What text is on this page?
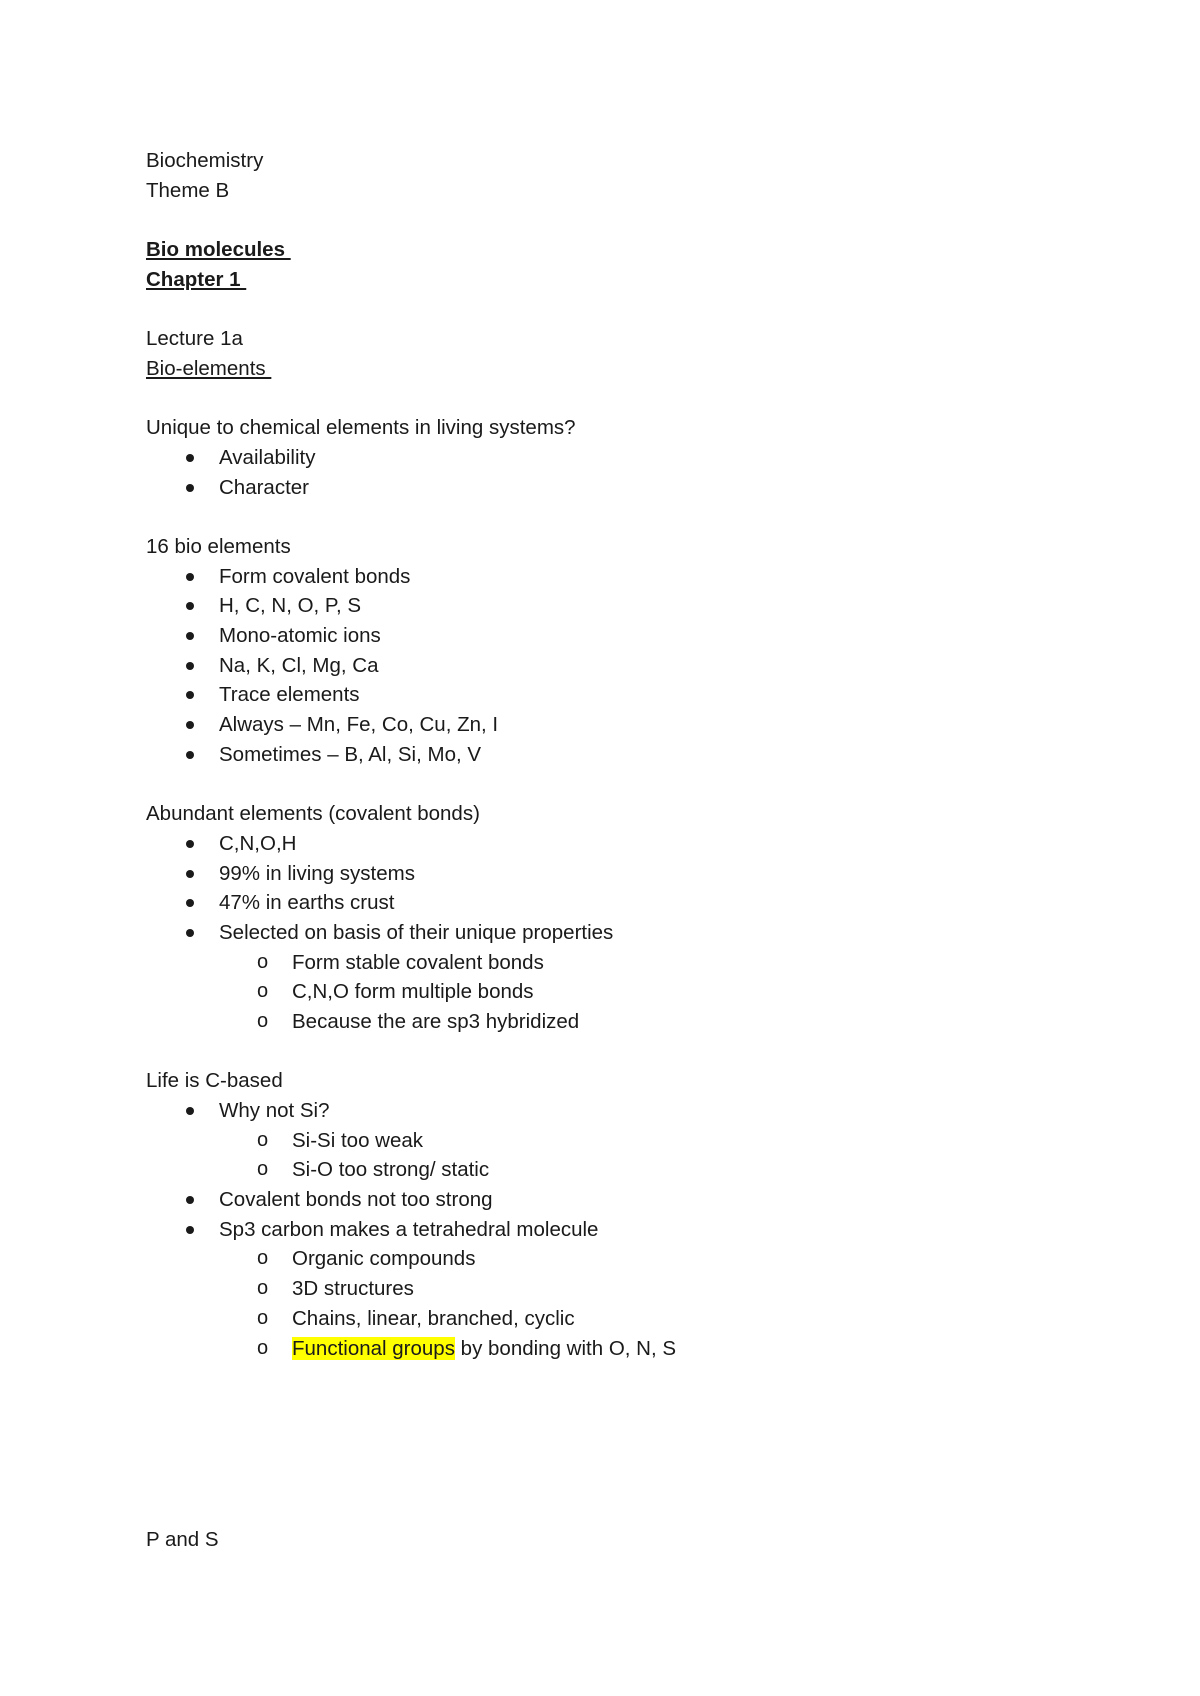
Biochemistry
Theme B
Bio molecules
Chapter 1
Lecture 1a
Bio-elements
Unique to chemical elements in living systems?
Availability
Character
16 bio elements
Form covalent bonds
H, C, N, O, P, S
Mono-atomic ions
Na, K, Cl, Mg, Ca
Trace elements
Always – Mn, Fe, Co, Cu, Zn, I
Sometimes – B, Al, Si, Mo, V
Abundant elements (covalent bonds)
C,N,O,H
99% in living systems
47% in earths crust
Selected on basis of their unique properties
o Form stable covalent bonds
o C,N,O form multiple bonds
o Because the are sp3 hybridized
Life is C-based
Why not Si?
o Si-Si too weak
o Si-O too strong/ static
Covalent bonds not too strong
Sp3 carbon makes a tetrahedral molecule
o Organic compounds
o 3D structures
o Chains, linear, branched, cyclic
o Functional groups by bonding with O, N, S
P and S
